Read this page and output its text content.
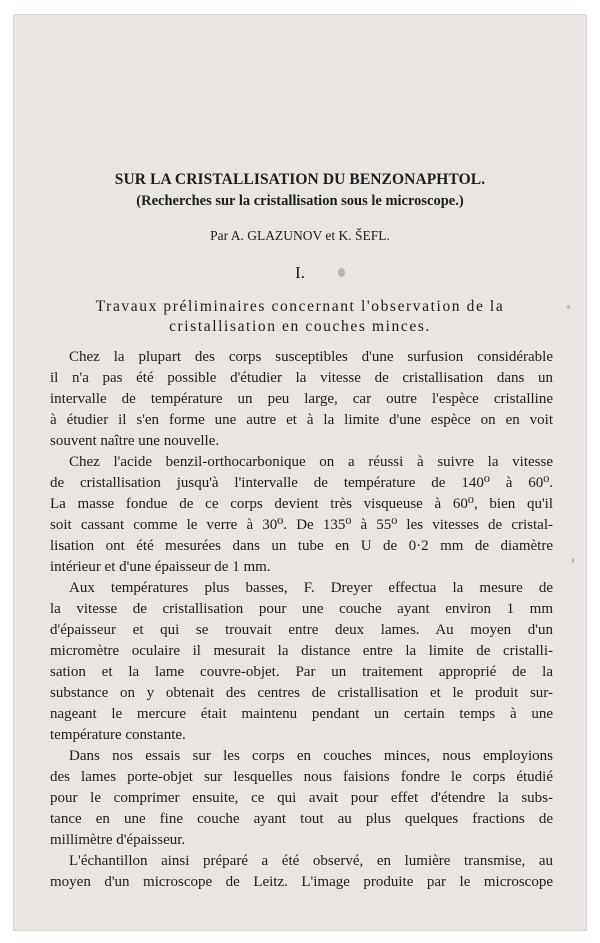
SUR LA CRISTALLISATION DU BENZONAPHTOL.
(Recherches sur la cristallisation sous le microscope.)
Par A. GLAZUNOV et K. ŠEFL.
I.
Travaux préliminaires concernant l'observation de la
cristallisation en couches minces.
Chez la plupart des corps susceptibles d'une surfusion considérable
il n'a pas été possible d'étudier la vitesse de cristallisation dans un
intervalle de température un peu large, car outre l'espèce cristalline
à étudier il s'en forme une autre et à la limite d'une espèce on en voit
souvent naître une nouvelle.
Chez l'acide benzil-orthocarbonique on a réussi à suivre la vitesse
de cristallisation jusqu'à l'intervalle de température de 140⁰ à 60⁰.
La masse fondue de ce corps devient très visqueuse à 60⁰, bien qu'il
soit cassant comme le verre à 30⁰. De 135⁰ à 55⁰ les vitesses de cristal-
lisation ont été mesurées dans un tube en U de 0·2 mm de diamètre
intérieur et d'une épaisseur de 1 mm.
Aux températures plus basses, F. Dreyer effectua la mesure de
la vitesse de cristallisation pour une couche ayant environ 1 mm
d'épaisseur et qui se trouvait entre deux lames. Au moyen d'un
micromètre oculaire il mesurait la distance entre la limite de cristalli-
sation et la lame couvre-objet. Par un traitement approprié de la
substance on y obtenait des centres de cristallisation et le produit sur-
nageant le mercure était maintenu pendant un certain temps à une
température constante.
Dans nos essais sur les corps en couches minces, nous employions
des lames porte-objet sur lesquelles nous faisions fondre le corps étudié
pour le comprimer ensuite, ce qui avait pour effet d'étendre la subs-
tance en une fine couche ayant tout au plus quelques fractions de
millimètre d'épaisseur.
L'échantillon ainsi préparé a été observé, en lumière transmise, au
moyen d'un microscope de Leitz. L'image produite par le microscope
